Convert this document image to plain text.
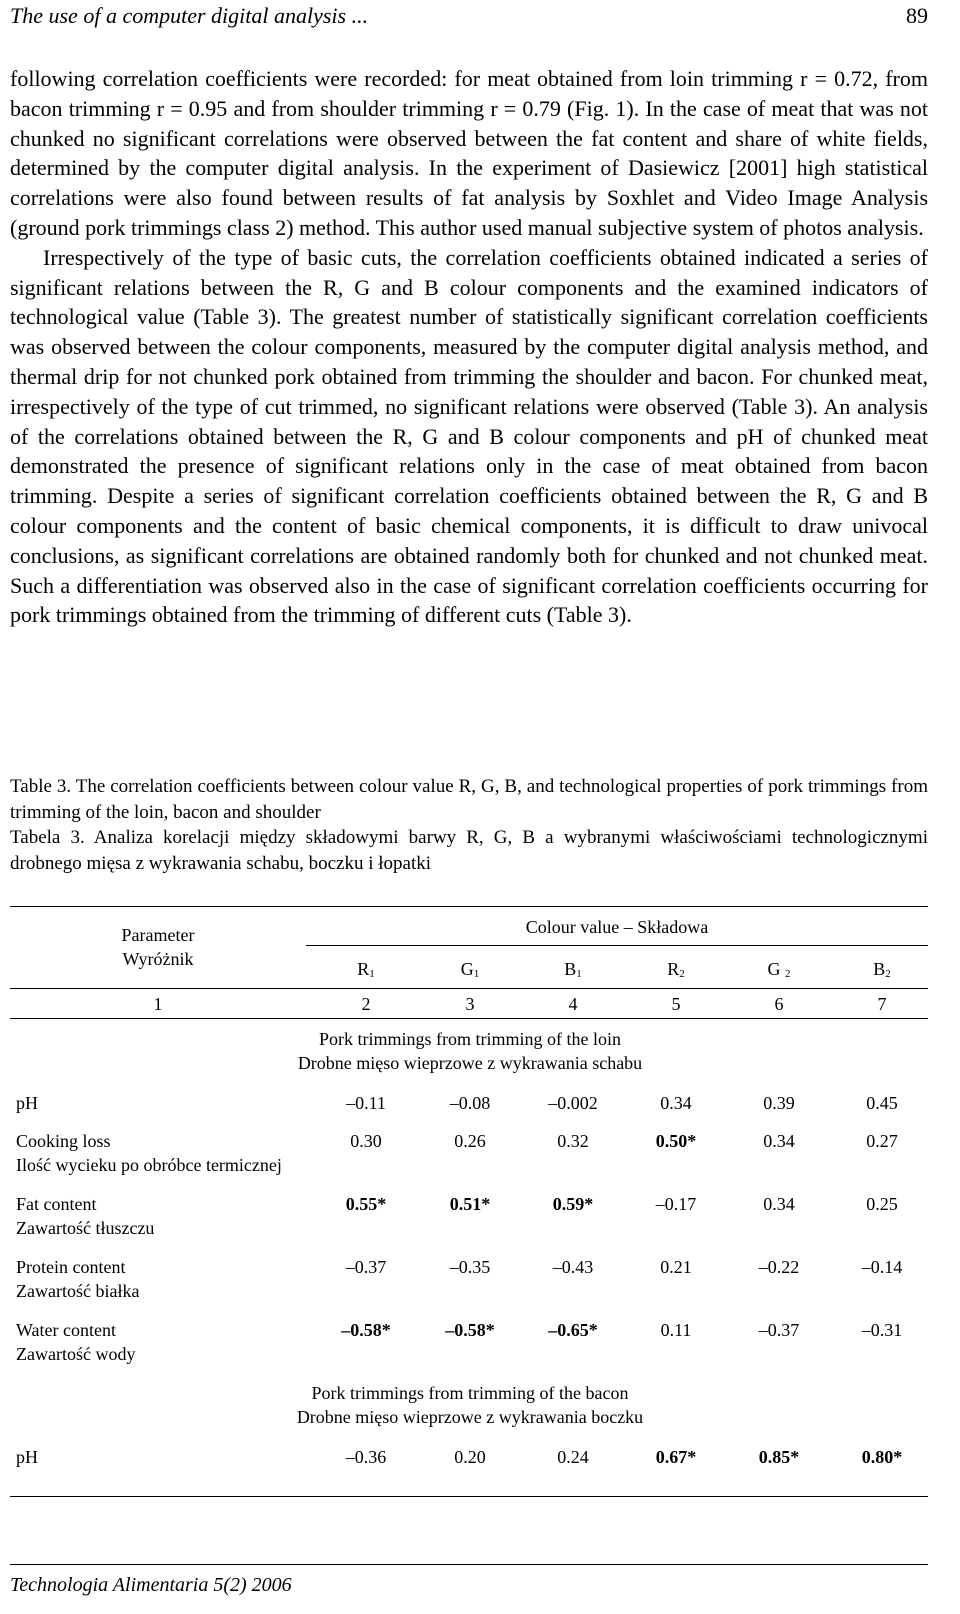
The use of a computer digital analysis ...	89

following correlation coefficients were recorded: for meat obtained from loin trimming r = 0.72, from bacon trimming r = 0.95 and from shoulder trimming r = 0.79 (Fig. 1). In the case of meat that was not chunked no significant correlations were observed between the fat content and share of white fields, determined by the computer digital analysis. In the experiment of Dasiewicz [2001] high statistical correlations were also found between results of fat analysis by Soxhlet and Video Image Analysis (ground pork trimmings class 2) method. This author used manual subjective system of photos analysis.

Irrespectively of the type of basic cuts, the correlation coefficients obtained indicated a series of significant relations between the R, G and B colour components and the examined indicators of technological value (Table 3). The greatest number of statistically significant correlation coefficients was observed between the colour components, measured by the computer digital analysis method, and thermal drip for not chunked pork obtained from trimming the shoulder and bacon. For chunked meat, irrespectively of the type of cut trimmed, no significant relations were observed (Table 3). An analysis of the correlations obtained between the R, G and B colour components and pH of chunked meat demonstrated the presence of significant relations only in the case of meat obtained from bacon trimming. Despite a series of significant correlation coefficients obtained between the R, G and B colour components and the content of basic chemical components, it is difficult to draw univocal conclusions, as significant correlations are obtained randomly both for chunked and not chunked meat. Such a differentiation was observed also in the case of significant correlation coefficients occurring for pork trimmings obtained from the trimming of different cuts (Table 3).

Table 3. The correlation coefficients between colour value R, G, B, and technological properties of pork trimmings from trimming of the loin, bacon and shoulder

Tabela 3. Analiza korelacji między składowymi barwy R, G, B a wybranymi właściwościami technologicznymi drobnego mięsa z wykrawania schabu, boczku i łopatki

Parameter
Wyróżnik
Colour value – Składowa
$R_1$	$G_1$	$B_1$	$R_2$	G $_2$	$B_2$
1	2	3	4	5	6	7
Pork trimmings from trimming of the loin
Drobne mięso wieprzowe z wykrawania schabu
pH	–0.11	–0.08	–0.002	0.34	0.39	0.45
Cooking loss
Ilość wycieku po obróbce termicznej
0.30	0.26	0.32	0.50*	0.34	0.27
Fat content
Zawartość tłuszczu
0.55*	0.51*	0.59*	–0.17	0.34	0.25
Protein content
Zawartość białka
–0.37	–0.35	–0.43	0.21	–0.22	–0.14
Water content
Zawartość wody
–0.58*	–0.58*	–0.65*	0.11	–0.37	–0.31
Pork trimmings from trimming of the bacon
Drobne mięso wieprzowe z wykrawania boczku
pH	–0.36	0.20	0.24	0.67*	0.85*	0.80*
Technologia Alimentaria 5(2) 2006
